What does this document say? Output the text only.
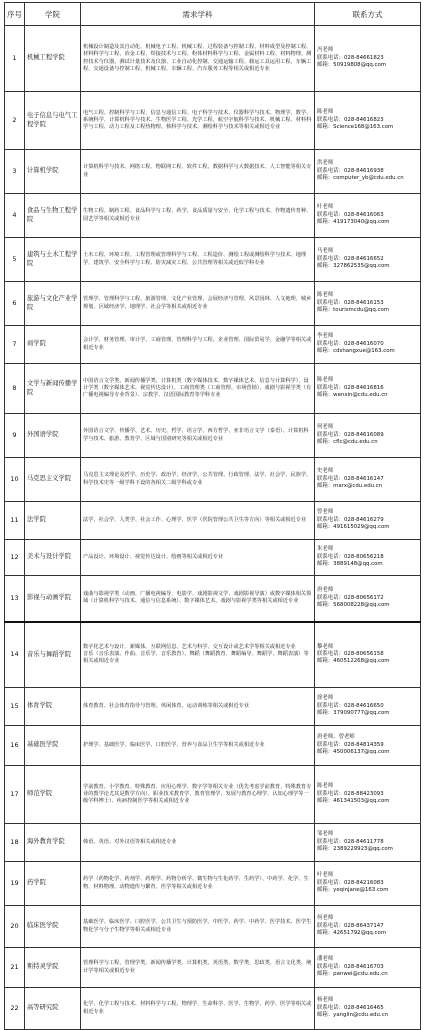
序号	学院	需求学科	联系方式
1	机械工程学院	机械设计制造及其自动化、机械电子工程、机械工程、过程装备与控制工程、材料成型及控制工程、材料科学与工程、冶金工程、焊接技术与工程、粉体材料科学与工程、金属材料工程、材料物理、测控技术与仪器、测试计量技术及仪器、工业自动化控制、交通运输工程、载运工具运用工程、车辆工程、交通设备与控制工程、机械工程、车辆工程、汽车服务工程等相关或相近专业	冯老师
联系电话：028-84661823
邮箱：50919808@qq.com

2	电子信息与电气工程学院	电气工程、控制科学与工程、信息与通信工程、电子科学与技术、仪器科学与技术、物理学、数学、系统科学、计算机科学与技术、生物医学工程、光学工程、航空宇航科学与技术、机械工程、材料科学与工程、动力工程及工程热物理、核科学与技术、测绘科学与技术等相关或相近专业	陈老师
联系电话：028-84616823
邮箱：Science168@163.com

3	计算机学院	计算机科学与技术、网络工程、物联网工程、软件工程、数据科学与大数据技术、人工智能等相关专业	洪老师
联系电话：028-84616938
邮箱：computer_yb@cdu.edu.cn

4	食品与生物工程学院	生物工程、制药工程、食品科学与工程、药学、食品质量与安全、化学工程与技术、作物遗传育种、园艺学等相关或相近专业	叶老师
联系电话：028-84616063
邮箱：419173040@qq.com

5	建筑与土木工程学院	土木工程、环境工程、工程管理或管理科学与工程、工程造价、测绘工程或测绘科学与技术、地理学、建筑学、安全科学与工程、防灾减灾工程、公共管理等相关或近似学科专业	马老师
联系电话：028-84616652
邮箱：327862535@qq.com

6	旅游与文化产业学院	管理学、管理科学与工程、旅游管理、文化产业管理、会展经济与管理、风景园林、人文地理、城乡规划、区域经济学、地理学、社会学等相关或相近专业	陈老师
联系电话：028-84616153
邮箱：tourismcdu@qq.com

7	商学院	会计学、财务管理、审计学、工商管理、管理科学与工程、企业管理、国际贸易学、金融学等相关或相近专业	李老师
联系电话：028-84616070
邮箱：cdshangxue@163.com

8	文学与新闻传播学院	中国语言文学类、新闻传播学类、计算机类（数字媒体技术、数字媒体艺术、信息与计算科学）、设计学类（数字媒体艺术、视觉传达设计）、工商管理类（工商管理、市场营销）、戏剧与影视学类（有广播电视编导专业背景）、宗教学、汉语国际教育等学科专业	陈老师
联系电话：028-84616816
邮箱：wenxin@cdu.edu.cn

9	外国语学院	外国语言文学、传播学、艺术、历史、哲学、语言学、西方哲学、亚非语言文学（泰语）、计算机科学与技术、旅游、教育学、区域与国别研究等相关或相近专业	何老师
联系电话：028-84616089
邮箱：cflc@cdu.edu.cn

10	马克思主义学院	马克思主义理论及哲学、历史学、政治学、经济学、公共管理、行政管理、法学、社会学、民族学、科学技术史等一级学科下设的各相关二级学科或专业	史老师
联系电话：028-84616147
邮箱：marx@cdu.edu.cn

11	法学院	法学、社会学、人类学、社会工作、心理学、医学（医院管理公共卫生等方向）等相关或相近专业	曾老师
联系电话：028-84616279
邮箱：491615029@qq.com

12	美术与设计学院	产品设计、环境设计、视觉传达设计、绘画等相关或相近专业	朱老师
联系电话：028-80656218
邮箱：3889148@qq.com

13	影视与动画学院	戏曲与影视学类（动画、广播电视编导、电影学、戏剧影视文学、戏剧影视导演）或数字媒体相关领域（计算机科学与技术、通信与信息系统）、数字媒体艺术、戏剧与影视学类等相关或相近专业	唐老师
联系电话：028-80656172
邮箱：568008228@qq.com

14	音乐与舞蹈学院	数字化艺术与设计、新媒体、互联网信息、艺术与科学、交互设计或艺术学等相关或相近专业
音乐（音乐表演、作曲、音乐学、音乐教育）、舞蹈（舞蹈教育、舞蹈编导、舞蹈学、舞蹈表演）等相关或相近专业	黎老师
联系电话：028-80656158
邮箱：460512268@qq.com

15	体育学院	体育教育、社会体育指导与管理、休闲体育、运动训练等相关或相近专业	徐老师
联系电话：028-84616650
邮箱：379090777@qq.com

16	基础医学院	护理学、基础医学、临床医学、口腔医学、营养与食品卫生学等相关或相近专业	唐老师、曾老师
联系电话：028-84814359
邮箱：450006137@qq.com

17	师范学院	学前教育、小学教育、特殊教育、应用心理学、数字学等相关专业（优先考虑学前教育、特殊教育专业的教学论尤其是数学方向）、职业技术教育学、教育管理学、发展与教育心理学、认知心理学等一级学科博士）、疾病控制医学等相关或相近专业	陈老师
联系电话：028-88423093
邮箱：461341503@qq.com

18	海外教育学院	韩语、英语、对外汉语等相关或相近专业	邹老师
联系电话：028-84611778
邮箱：2389229923@qq.com

19	药学院	药学（药物化学、药剂学、药理学、药物分析学、微生物与生化药学、生药学）、中药学、化学、生物、材料物理、动物遗传与繁育、医学等相关或相近专业	叶老师
联系电话：028-84216083
邮箱：yeqinjane@163.com

20	临床医学院	基础医学、临床医学、口腔医学、公共卫生与预防医学、中医学、药学、中药学、医学技术、医学生物化学与分子生物学等相关或相近专业	何老师
联系电话：028-86437147
邮箱：42651792@qq.com

21	斯特灵学院	管理科学与工程、管理学类、新闻传播学类、计算机类、英语类、数学类、思政类、语言文化类、统计学等相关或相近专业	潘老师
联系电话：028-84616703
邮箱：panwei@cdu.edu.cn

22	高等研究院	化学、化学工程与技术、材料科学与工程、物理学、生命科学、医学、生物学、药学、医学等相关或相近专业	杨老师
联系电话：028-84616465
邮箱：yanglin@cdu.edu.cn
